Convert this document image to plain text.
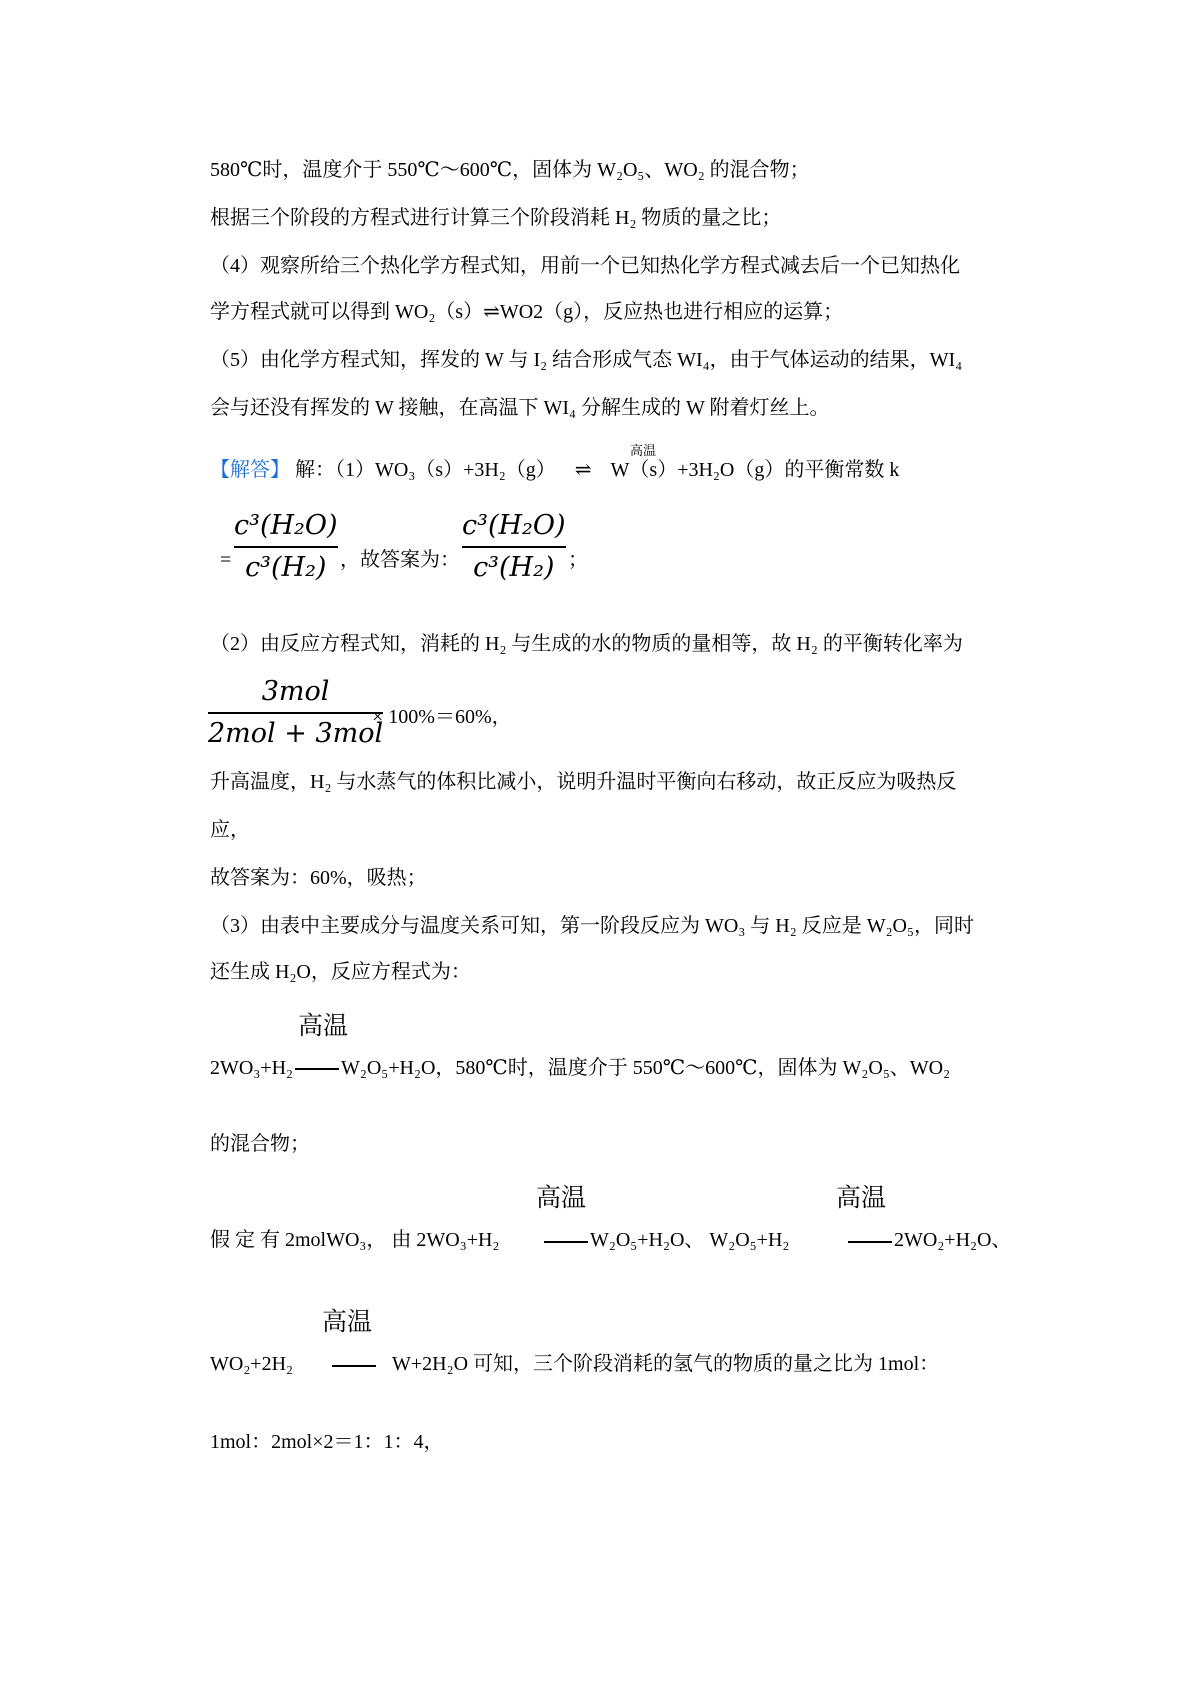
580℃时，温度介于 550℃～600℃，固体为 W₂O₅、WO₂ 的混合物；
根据三个阶段的方程式进行计算三个阶段消耗 H₂ 物质的量之比；
（4）观察所给三个热化学方程式知，用前一个已知热化学方程式减去后一个已知热化
学方程式就可以得到 WO₂（s）⇌WO2（g），反应热也进行相应的运算；
（5）由化学方程式知，挥发的 W 与 I₂ 结合形成气态 WI₄，由于气体运动的结果，WI₄
会与还没有挥发的 W 接触，在高温下 WI₄ 分解生成的 W 附着灯丝上。
高温
【解答】 解：（1）WO₃（s）+3H₂（g） ⇌ W（s）+3H₂O（g）的平衡常数 k
=
c³(H₂O)
c³(H₂) ，故答案为：
c³(H₂O)
c³(H₂) ；
（2）由反应方程式知，消耗的 H₂ 与生成的水的物质的量相等，故 H₂ 的平衡转化率为
3mol
2mol + 3mol
× 100%＝60%，
升高温度，H₂ 与水蒸气的体积比减小，说明升温时平衡向右移动，故正反应为吸热反
应，
故答案为：60%，吸热；
（3）由表中主要成分与温度关系可知，第一阶段反应为 WO₃ 与 H₂ 反应是 W₂O₅，同时
还生成 H₂O，反应方程式为：
高温
2WO₃+H₂ W₂O₅+H₂O，580℃时，温度介于 550℃～600℃，固体为 W₂O₅、WO₂
的混合物；
高温	高温
假 定 有 2molWO₃， 由 2WO₃+H₂	W₂O₅+H₂O、 W₂O₅+H₂	2WO₂+H₂O、
高温
WO₂+2H₂	W+2H₂O 可知，三个阶段消耗的氢气的物质的量之比为 1mol：
1mol：2mol×2＝1：1：4，
